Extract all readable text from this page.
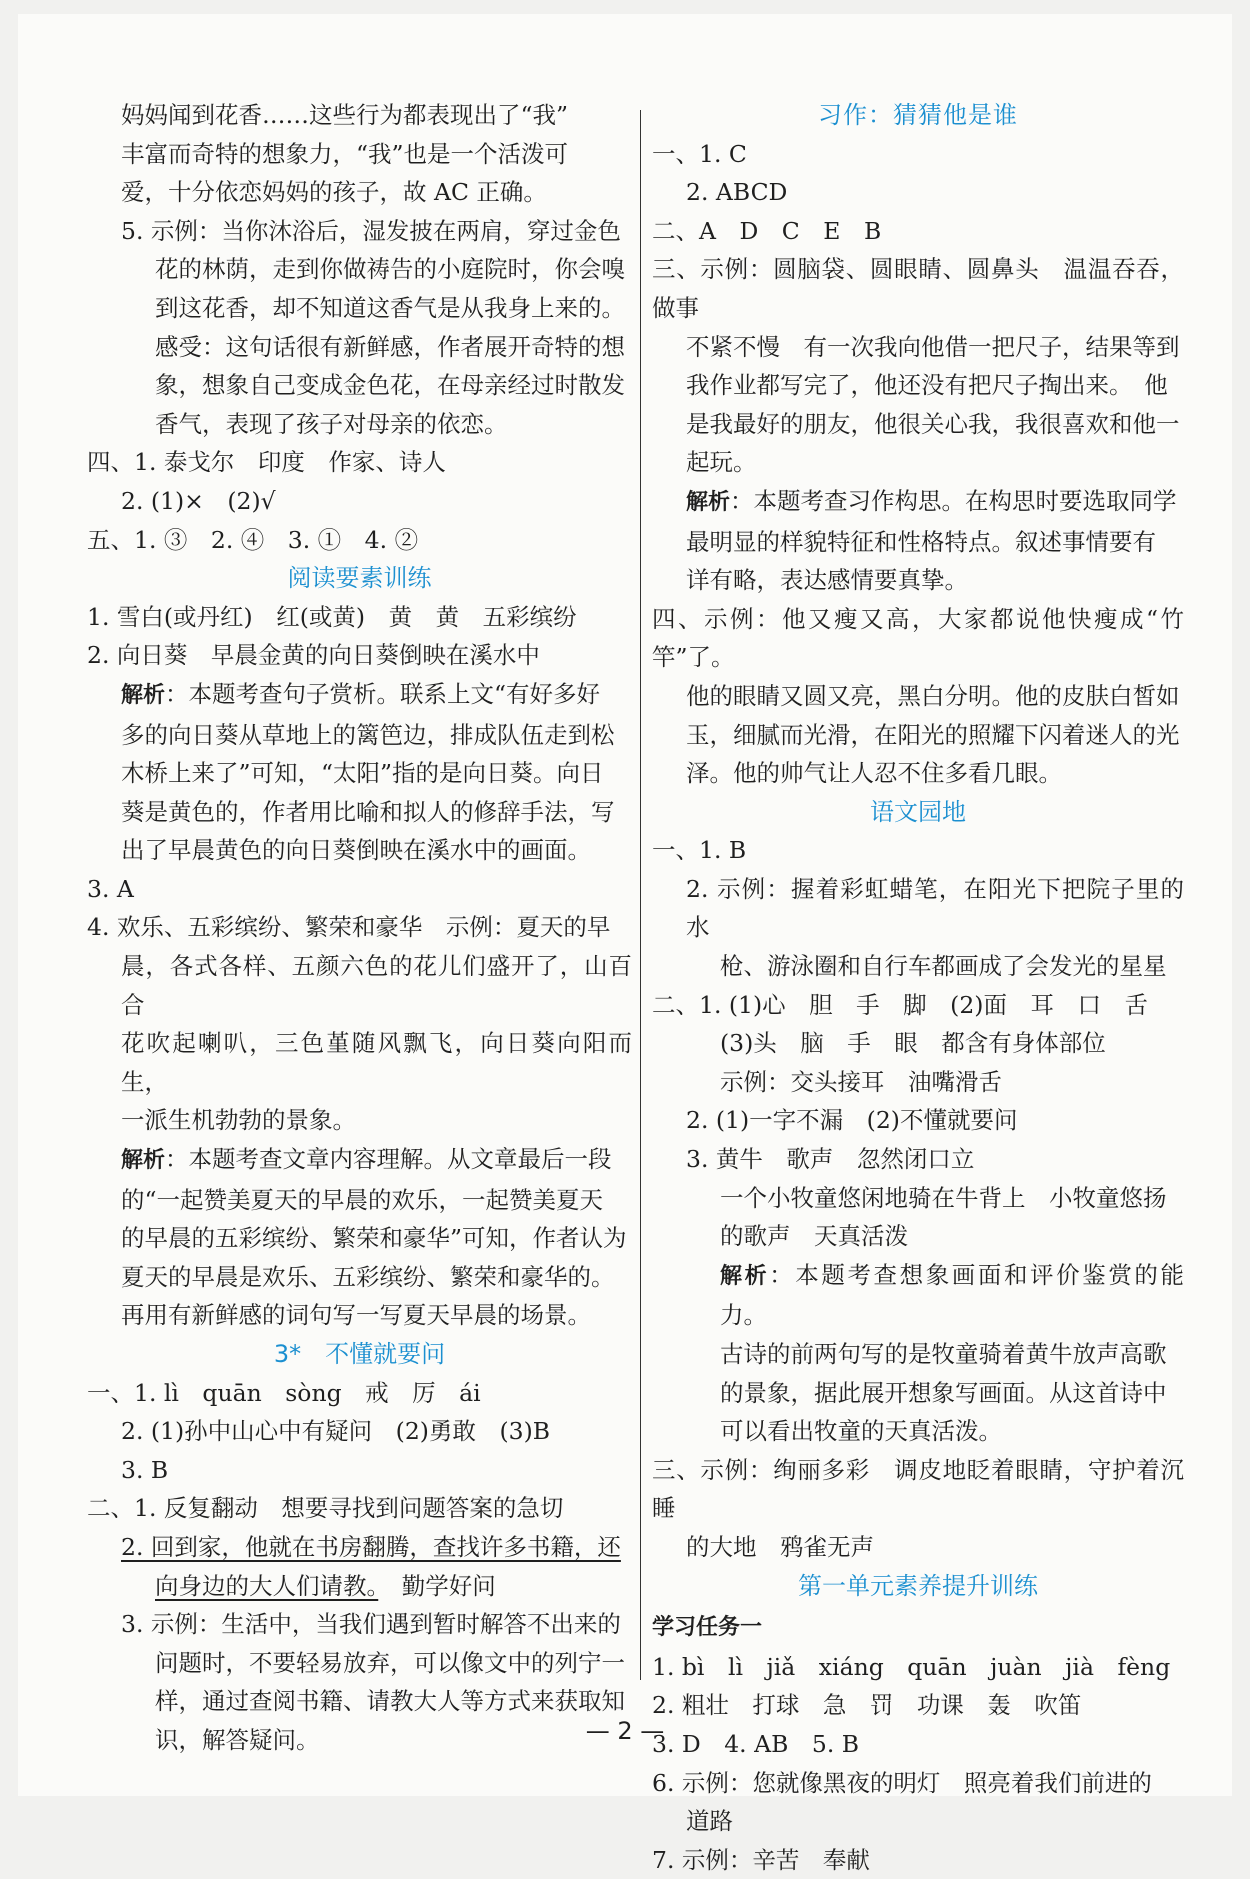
妈妈闻到花香……这些行为都表现出了“我”

丰富而奇特的想象力，“我”也是一个活泼可

爱，十分依恋妈妈的孩子，故 AC 正确。

5. 示例：当你沐浴后，湿发披在两肩，穿过金色

花的林荫，走到你做祷告的小庭院时，你会嗅

到这花香，却不知道这香气是从我身上来的。

感受：这句话很有新鲜感，作者展开奇特的想

象，想象自己变成金色花，在母亲经过时散发

香气，表现了孩子对母亲的依恋。

四、1. 泰戈尔　印度　作家、诗人

2. (1)×　(2)√

五、1. ③　2. ④　3. ①　4. ②

阅读要素训练

1. 雪白(或丹红)　红(或黄)　黄　黄　五彩缤纷

2. 向日葵　早晨金黄的向日葵倒映在溪水中

解析：本题考查句子赏析。联系上文“有好多好

多的向日葵从草地上的篱笆边，排成队伍走到松

木桥上来了”可知，“太阳”指的是向日葵。向日

葵是黄色的，作者用比喻和拟人的修辞手法，写

出了早晨黄色的向日葵倒映在溪水中的画面。

3. A

4. 欢乐、五彩缤纷、繁荣和豪华　示例：夏天的早

晨，各式各样、五颜六色的花儿们盛开了，山百合

花吹起喇叭，三色堇随风飘飞，向日葵向阳而生，

一派生机勃勃的景象。

解析：本题考查文章内容理解。从文章最后一段

的“一起赞美夏天的早晨的欢乐，一起赞美夏天

的早晨的五彩缤纷、繁荣和豪华”可知，作者认为

夏天的早晨是欢乐、五彩缤纷、繁荣和豪华的。

再用有新鲜感的词句写一写夏天早晨的场景。

3*　不懂就要问

一、1. lì　quān　sòng　戒　厉　ái

2. (1)孙中山心中有疑问　(2)勇敢　(3)B

3. B

二、1. 反复翻动　想要寻找到问题答案的急切

2. 回到家，他就在书房翻腾，查找许多书籍，还

向身边的大人们请教。　勤学好问

3. 示例：生活中，当我们遇到暂时解答不出来的

问题时，不要轻易放弃，可以像文中的列宁一

样，通过查阅书籍、请教大人等方式来获取知

识，解答疑问。

习作：猜猜他是谁

一、1. C

2. ABCD

二、A　D　C　E　B

三、示例：圆脑袋、圆眼睛、圆鼻头　温温吞吞，做事

不紧不慢　有一次我向他借一把尺子，结果等到

我作业都写完了，他还没有把尺子掏出来。　他

是我最好的朋友，他很关心我，我很喜欢和他一

起玩。

解析：本题考查习作构思。在构思时要选取同学

最明显的样貌特征和性格特点。叙述事情要有

详有略，表达感情要真挚。

四、示例：他又瘦又高，大家都说他快瘦成“竹竿”了。

他的眼睛又圆又亮，黑白分明。他的皮肤白皙如

玉，细腻而光滑，在阳光的照耀下闪着迷人的光

泽。他的帅气让人忍不住多看几眼。

语文园地

一、1. B

2. 示例：握着彩虹蜡笔，在阳光下把院子里的水

枪、游泳圈和自行车都画成了会发光的星星

二、1. (1)心　胆　手　脚　(2)面　耳　口　舌

(3)头　脑　手　眼　都含有身体部位

示例：交头接耳　油嘴滑舌

2. (1)一字不漏　(2)不懂就要问

3. 黄牛　歌声　忽然闭口立

一个小牧童悠闲地骑在牛背上　小牧童悠扬

的歌声　天真活泼

解析：本题考查想象画面和评价鉴赏的能力。

古诗的前两句写的是牧童骑着黄牛放声高歌

的景象，据此展开想象写画面。从这首诗中

可以看出牧童的天真活泼。

三、示例：绚丽多彩　调皮地眨着眼睛，守护着沉睡

的大地　鸦雀无声

第一单元素养提升训练

学习任务一

1. bì　lì　jiǎ　xiáng　quān　juàn　jià　fèng

2. 粗壮　打球　急　罚　功课　轰　吹笛

3. D　4. AB　5. B

6. 示例：您就像黑夜的明灯　照亮着我们前进的

道路

7. 示例：辛苦　奉献

— 2 —
